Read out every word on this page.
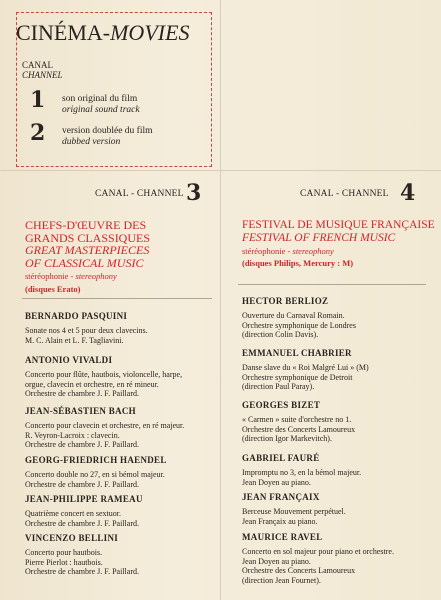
CINÉMA-MOVIES
CANAL
CHANNEL
1 son original du film
original sound track
2 version doublée du film
dubbed version
CANAL - CHANNEL 3
CHEFS-D'ŒUVRE DES
GRANDS CLASSIQUES
GREAT MASTERPIECES
OF CLASSICAL MUSIC
stéréophonie - stereophony
(disques Erato)
BERNARDO PASQUINI
Sonate nos 4 et 5 pour deux clavecins.
M. C. Alain et L. F. Tagliavini.
ANTONIO VIVALDI
Concerto pour flûte, hautbois, violoncelle, harpe,
orgue, clavecin et orchestre, en ré mineur.
Orchestre de chambre J. F. Paillard.
JEAN-SÉBASTIEN BACH
Concerto pour clavecin et orchestre, en ré majeur.
R. Veyron-Lacroix : clavecin.
Orchestre de chambre J. F. Paillard.
GEORG-FRIEDRICH HAENDEL
Concerto double no 27, en si bémol majeur.
Orchestre de chambre J. F. Paillard.
JEAN-PHILIPPE RAMEAU
Quatrième concert en sextuor.
Orchestre de chambre J. F. Paillard.
VINCENZO BELLINI
Concerto pour hautbois.
Pierre Pierlot : hautbois.
Orchestre de chambre J. F. Paillard.
CANAL - CHANNEL 4
FESTIVAL DE MUSIQUE FRANÇAISE
FESTIVAL OF FRENCH MUSIC
stéréophonie - stereophony
(disques Philips, Mercury : M)
HECTOR BERLIOZ
Ouverture du Carnaval Romain.
Orchestre symphonique de Londres
(direction Colin Davis).
EMMANUEL CHABRIER
Danse slave du « Roi Malgré Lui » (M)
Orchestre symphonique de Detroit
(direction Paul Paray).
GEORGES BIZET
« Carmen » suite d'orchestre no 1.
Orchestre des Concerts Lamoureux
(direction Igor Markevitch).
GABRIEL FAURÉ
Impromptu no 3, en la bémol majeur.
Jean Doyen au piano.
JEAN FRANÇAIX
Berceuse Mouvement perpétuel.
Jean Françaix au piano.
MAURICE RAVEL
Concerto en sol majeur pour piano et orchestre.
Jean Doyen au piano.
Orchestre des Concerts Lamoureux
(direction Jean Fournet).
